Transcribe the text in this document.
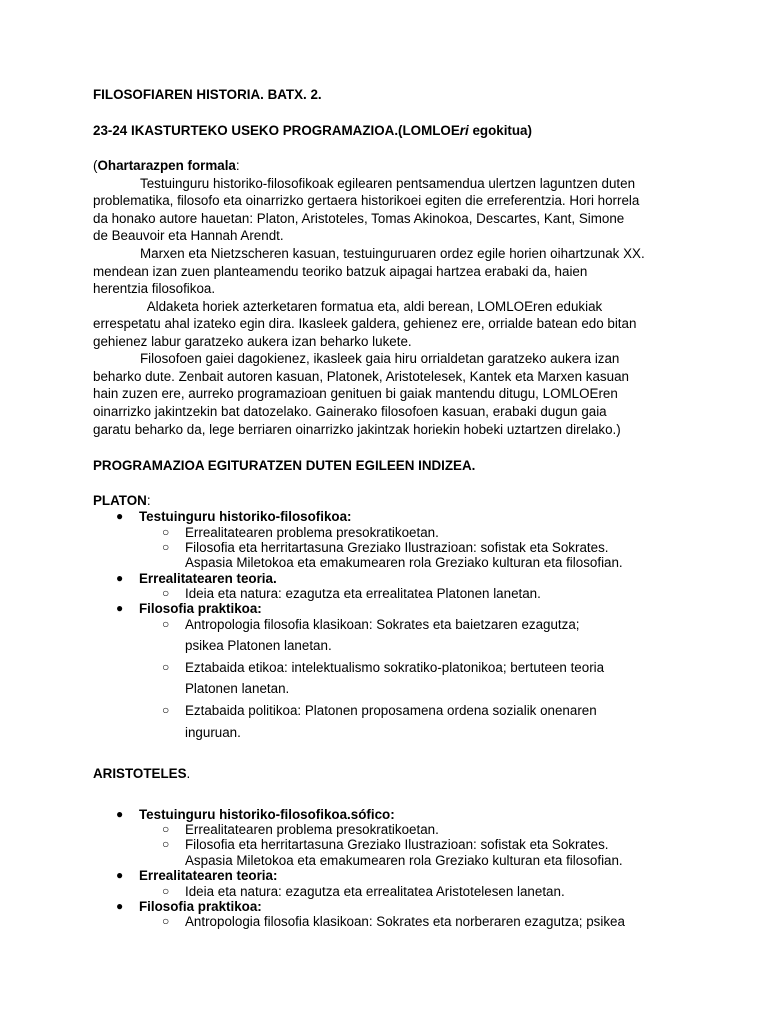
FILOSOFIAREN HISTORIA. BATX. 2.
23-24 IKASTURTEKO USEKO PROGRAMAZIOA.(LOMLOEri egokitua)
(Ohartarazpen formala:
Testuinguru historiko-filosofikoak egilearen pentsamendua ulertzen laguntzen duten
problematika, filosofo eta oinarrizko gertaera historikoei egiten die erreferentzia. Hori horrela
da honako autore hauetan: Platon, Aristoteles, Tomas Akinokoa, Descartes, Kant, Simone
de Beauvoir eta Hannah Arendt.
Marxen eta Nietzscheren kasuan, testuinguruaren ordez egile horien oihartzunak XX.
mendean izan zuen planteamendu teoriko batzuk aipagai hartzea erabaki da, haien
herentzia filosofikoa.
Aldaketa horiek azterketaren formatua eta, aldi berean, LOMLOEren edukiak
errespetatu ahal izateko egin dira. Ikasleek galdera, gehienez ere, orrialde batean edo bitan
gehienez labur garatzeko aukera izan beharko lukete.
Filosofoen gaiei dagokienez, ikasleek gaia hiru orrialdetan garatzeko aukera izan
beharko dute. Zenbait autoren kasuan, Platonek, Aristotelesek, Kantek eta Marxen kasuan
hain zuzen ere, aurreko programazioan genituen bi gaiak mantendu ditugu, LOMLOEren
oinarrizko jakintzekin bat datozelako. Gainerako filosofoen kasuan, erabaki dugun gaia
garatu beharko da, lege berriaren oinarrizko jakintzak horiekin hobeki uztartzen direlako.)
PROGRAMAZIOA EGITURATZEN DUTEN EGILEEN INDIZEA.
PLATON:
● Testuinguru historiko-filosofikoa:
○ Errealitatearen problema presokratikoetan.
○ Filosofia eta herritartasuna Greziako Ilustrazioan: sofistak eta Sokrates.
Aspasia Miletokoa eta emakumearen rola Greziako kulturan eta filosofian.
● Errealitatearen teoria.
○ Ideia eta natura: ezagutza eta errealitatea Platonen lanetan.
● Filosofia praktikoa:
○ Antropologia filosofia klasikoan: Sokrates eta baietzaren ezagutza;
psikea Platonen lanetan.
○ Eztabaida etikoa: intelektualismo sokratiko-platonikoa; bertuteen teoria
Platonen lanetan.
○ Eztabaida politikoa: Platonen proposamena ordena sozialik onenaren
inguruan.
ARISTOTELES.
● Testuinguru historiko-filosofikoa.sófico:
○ Errealitatearen problema presokratikoetan.
○ Filosofia eta herritartasuna Greziako Ilustrazioan: sofistak eta Sokrates.
Aspasia Miletokoa eta emakumearen rola Greziako kulturan eta filosofian.
● Errealitatearen teoria:
○ Ideia eta natura: ezagutza eta errealitatea Aristotelesen lanetan.
● Filosofia praktikoa:
○ Antropologia filosofia klasikoan: Sokrates eta norberaren ezagutza; psikea
